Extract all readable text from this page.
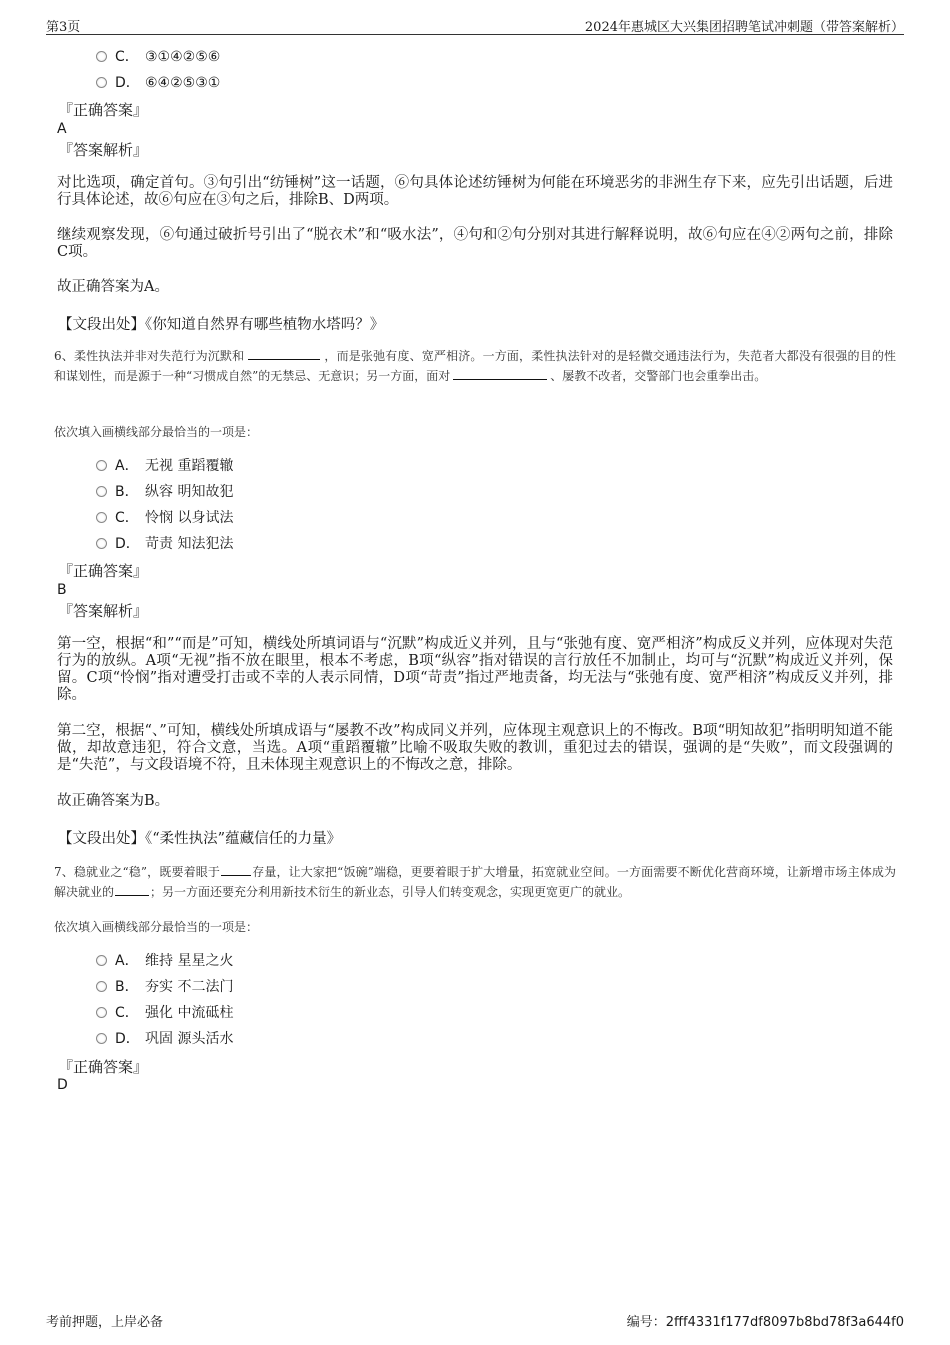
第3页	2024年惠城区大兴集团招聘笔试冲刺题（带答案解析）
C． ③①④②⑤⑥
D． ⑥④②⑤③①
『正确答案』
A
『答案解析』
对比选项，确定首句。③句引出“纺锤树”这一话题，⑥句具体论述纺锤树为何能在环境恶劣的非洲生存下来，应先引出话题，后进行具体论述，故⑥句应在③句之后，排除B、D两项。
继续观察发现，⑥句通过破折号引出了“脱衣术”和“吸水法”，④句和②句分别对其进行解释说明，故⑥句应在④②两句之前，排除C项。
故正确答案为A。
【文段出处】《你知道自然界有哪些植物水塔吗？》
6、柔性执法并非对失范行为沉默和	，而是张弛有度、宽严相济。一方面，柔性执法针对的是轻微交通违法行为，失范者大都没有很强的目的性和谋划性，而是源于一种“习惯成自然”的无禁忌、无意识；另一方面，面对	、屡教不改者，交警部门也会重拳出击。
依次填入画横线部分最恰当的一项是：
A． 无视 重蹈覆辙
B． 纵容 明知故犯
C． 怜悯 以身试法
D． 苛责 知法犯法
『正确答案』
B
『答案解析』
第一空，根据“和”“而是”可知，横线处所填词语与“沉默”构成近义并列，且与“张弛有度、宽严相济”构成反义并列，应体现对失范行为的放纵。A项“无视”指不放在眼里，根本不考虑，B项“纵容”指对错误的言行放任不加制止，均可与“沉默”构成近义并列，保留。C项“怜悯”指对遭受打击或不幸的人表示同情，D项“苛责”指过严地责备，均无法与“张弛有度、宽严相济”构成反义并列，排除。
第二空，根据“、”可知，横线处所填成语与“屡教不改”构成同义并列，应体现主观意识上的不悔改。B项“明知故犯”指明明知道不能做，却故意违犯，符合文意，当选。A项“重蹈覆辙”比喻不吸取失败的教训，重犯过去的错误，强调的是“失败”，而文段强调的是“失范”，与文段语境不符，且未体现主观意识上的不悔改之意，排除。
故正确答案为B。
【文段出处】《“柔性执法”蕴藏信任的力量》
7、稳就业之“稳”，既要着眼于	存量，让大家把“饭碗”端稳，更要着眼于扩大增量，拓宽就业空间。一方面需要不断优化营商环境，让新增市场主体成为解决就业的	；另一方面还要充分利用新技术衍生的新业态，引导人们转变观念，实现更宽更广的就业。
依次填入画横线部分最恰当的一项是：
A． 维持 星星之火
B． 夯实 不二法门
C． 强化 中流砥柱
D． 巩固 源头活水
『正确答案』
D
考前押题，上岸必备	编号：2fff4331f177df8097b8bd78f3a644f0
